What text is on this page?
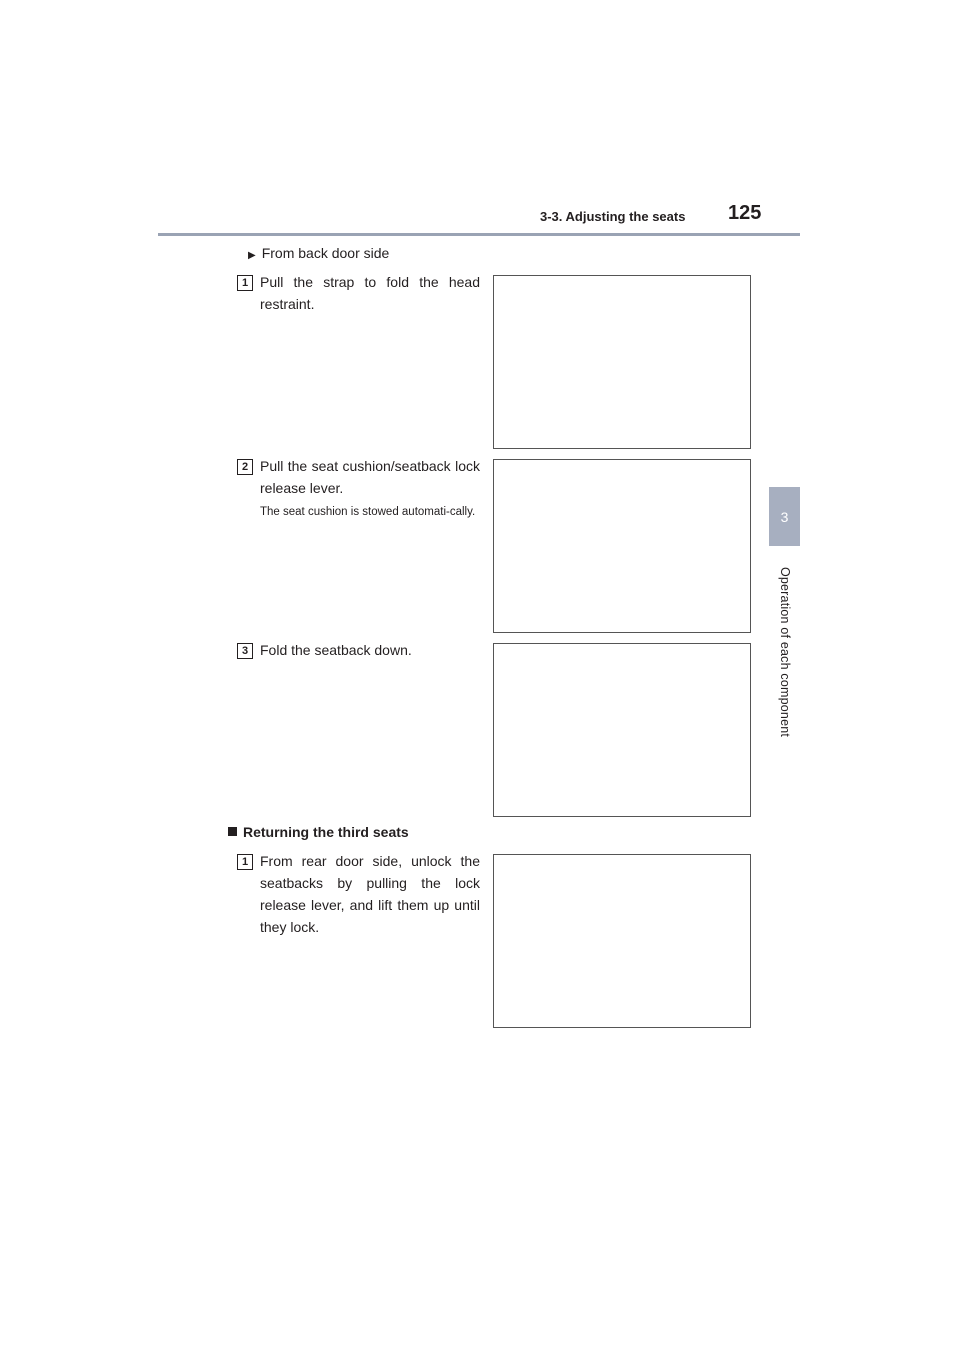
3-3. Adjusting the seats 125
3
Operation of each component
▶ From back door side
1 Pull the strap to fold the head restraint.
2 Pull the seat cushion/seatback lock release lever.
The seat cushion is stowed automati-cally.
3 Fold the seatback down.
Returning the third seats
1 From rear door side, unlock the seatbacks by pulling the lock release lever, and lift them up until they lock.
